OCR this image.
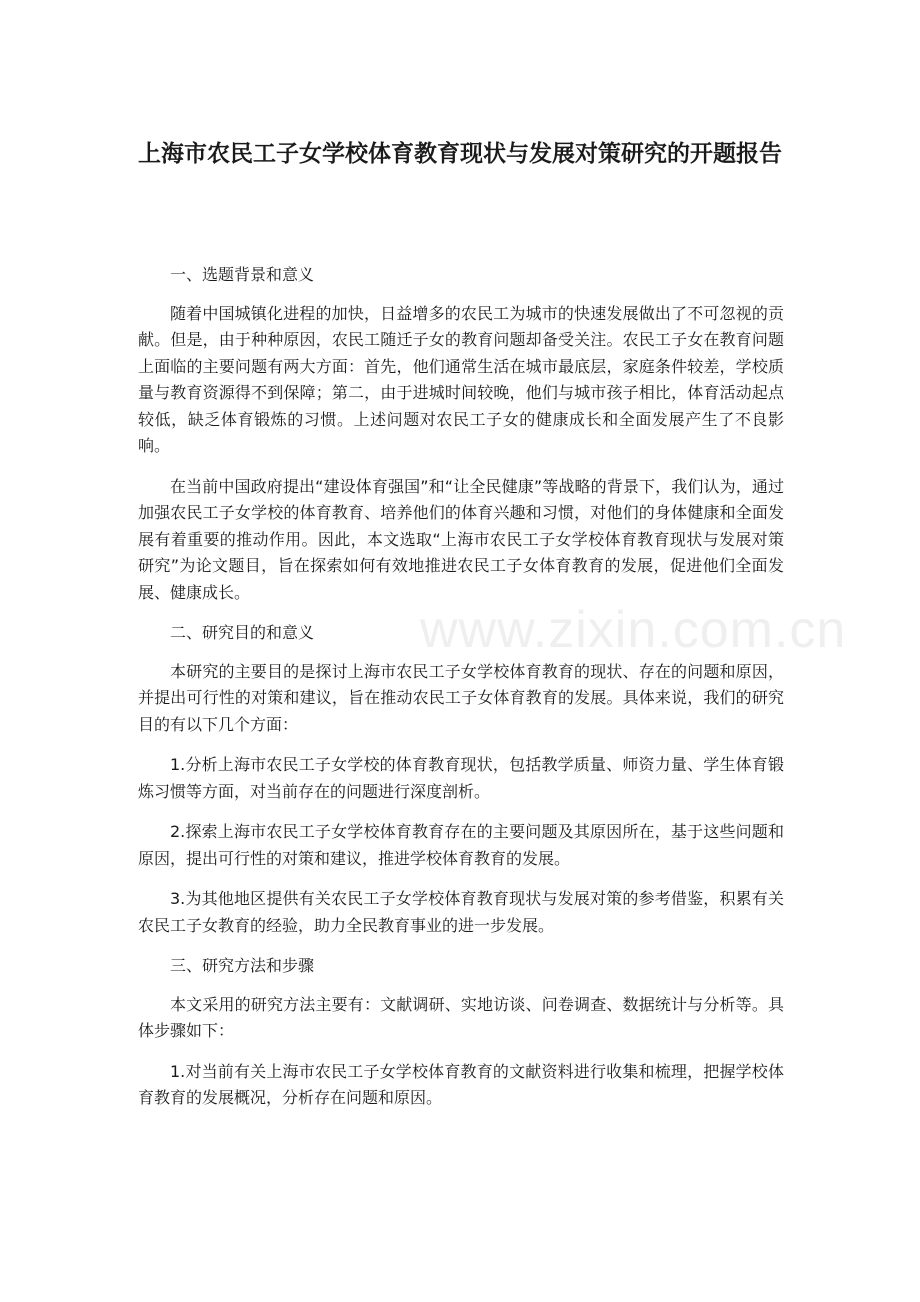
上海市农民工子女学校体育教育现状与发展对策研究的开题报告
www.zixin.com.cn

一、选题背景和意义

随着中国城镇化进程的加快，日益增多的农民工为城市的快速发展做出了不可忽视的贡献。但是，由于种种原因，农民工随迁子女的教育问题却备受关注。农民工子女在教育问题上面临的主要问题有两大方面：首先，他们通常生活在城市最底层，家庭条件较差，学校质量与教育资源得不到保障；第二，由于进城时间较晚，他们与城市孩子相比，体育活动起点较低，缺乏体育锻炼的习惯。上述问题对农民工子女的健康成长和全面发展产生了不良影响。

在当前中国政府提出“建设体育强国”和“让全民健康”等战略的背景下，我们认为，通过加强农民工子女学校的体育教育、培养他们的体育兴趣和习惯，对他们的身体健康和全面发展有着重要的推动作用。因此，本文选取“上海市农民工子女学校体育教育现状与发展对策研究”为论文题目，旨在探索如何有效地推进农民工子女体育教育的发展，促进他们全面发展、健康成长。

二、研究目的和意义

本研究的主要目的是探讨上海市农民工子女学校体育教育的现状、存在的问题和原因，并提出可行性的对策和建议，旨在推动农民工子女体育教育的发展。具体来说，我们的研究目的有以下几个方面：

1.分析上海市农民工子女学校的体育教育现状，包括教学质量、师资力量、学生体育锻炼习惯等方面，对当前存在的问题进行深度剖析。

2.探索上海市农民工子女学校体育教育存在的主要问题及其原因所在，基于这些问题和原因，提出可行性的对策和建议，推进学校体育教育的发展。

3.为其他地区提供有关农民工子女学校体育教育现状与发展对策的参考借鉴，积累有关农民工子女教育的经验，助力全民教育事业的进一步发展。

三、研究方法和步骤

本文采用的研究方法主要有：文献调研、实地访谈、问卷调查、数据统计与分析等。具体步骤如下：

1.对当前有关上海市农民工子女学校体育教育的文献资料进行收集和梳理，把握学校体育教育的发展概况，分析存在问题和原因。
